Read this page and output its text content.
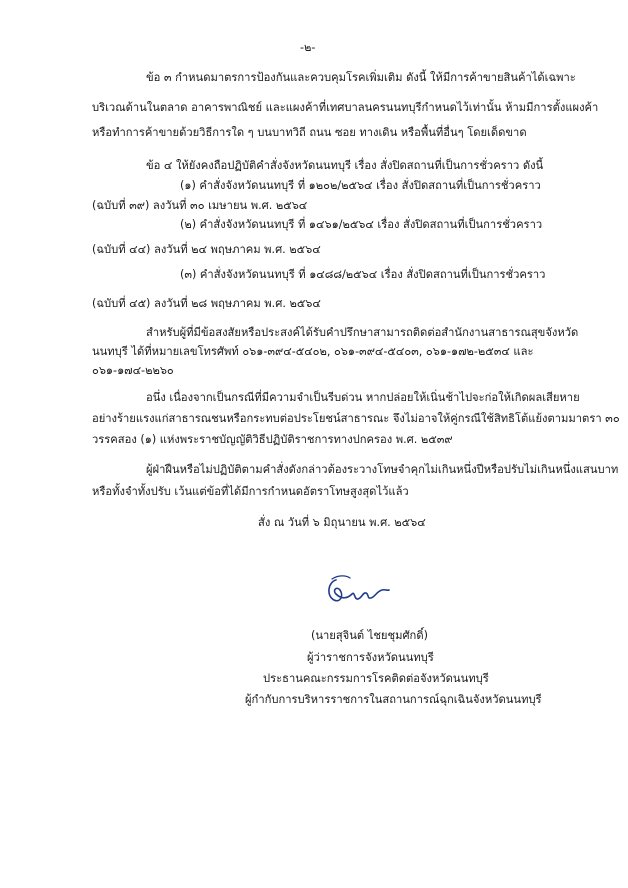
-๒-
ข้อ ๓ กำหนดมาตรการป้องกันและควบคุมโรคเพิ่มเติม ดังนี้ ให้มีการค้าขายสินค้าได้เฉพาะ
บริเวณด้านในตลาด อาคารพาณิชย์ และแผงค้าที่เทศบาลนครนนทบุรีกำหนดไว้เท่านั้น ห้ามมีการตั้งแผงค้า
หรือทำการค้าขายด้วยวิธีการใด ๆ บนบาทวิถี ถนน ซอย ทางเดิน หรือพื้นที่อื่นๆ โดยเด็ดขาด
ข้อ ๔ ให้ยังคงถือปฏิบัติคำสั่งจังหวัดนนทบุรี เรื่อง สั่งปิดสถานที่เป็นการชั่วคราว ดังนี้
(๑) คำสั่งจังหวัดนนทบุรี ที่ ๑๒๐๒/๒๕๖๔ เรื่อง สั่งปิดสถานที่เป็นการชั่วคราว
(ฉบับที่ ๓๙) ลงวันที่ ๓๐ เมษายน พ.ศ. ๒๕๖๔
(๒) คำสั่งจังหวัดนนทบุรี ที่ ๑๔๖๑/๒๕๖๔ เรื่อง สั่งปิดสถานที่เป็นการชั่วคราว
(ฉบับที่ ๔๔) ลงวันที่ ๒๔ พฤษภาคม พ.ศ. ๒๕๖๔
(๓) คำสั่งจังหวัดนนทบุรี ที่ ๑๔๘๘/๒๕๖๔ เรื่อง สั่งปิดสถานที่เป็นการชั่วคราว
(ฉบับที่ ๔๕) ลงวันที่ ๒๘ พฤษภาคม พ.ศ. ๒๕๖๔
สำหรับผู้ที่มีข้อสงสัยหรือประสงค์ได้รับคำปรึกษาสามารถติดต่อสำนักงานสาธารณสุขจังหวัด
นนทบุรี ได้ที่หมายเลขโทรศัพท์ ๐๖๑-๓๙๔-๕๔๐๒, ๐๖๑-๓๙๔-๕๔๐๓, ๐๖๑-๑๗๒-๒๕๓๔ และ
๐๖๑-๑๗๔-๒๒๖๐
อนึ่ง เนื่องจากเป็นกรณีที่มีความจำเป็นรีบด่วน หากปล่อยให้เนิ่นช้าไปจะก่อให้เกิดผลเสียหาย
อย่างร้ายแรงแก่สาธารณชนหรือกระทบต่อประโยชน์สาธารณะ จึงไม่อาจให้คู่กรณีใช้สิทธิโต้แย้งตามมาตรา ๓๐
วรรคสอง (๑) แห่งพระราชบัญญัติวิธีปฏิบัติราชการทางปกครอง พ.ศ. ๒๕๓๙
ผู้ฝ่าฝืนหรือไม่ปฏิบัติตามคำสั่งดังกล่าวต้องระวางโทษจำคุกไม่เกินหนึ่งปีหรือปรับไม่เกินหนึ่งแสนบาท
หรือทั้งจำทั้งปรับ เว้นแต่ข้อที่ได้มีการกำหนดอัตราโทษสูงสุดไว้แล้ว
สั่ง ณ วันที่ ๖ มิถุนายน พ.ศ. ๒๕๖๔
(นายสุจินต์ ไชยชุมศักดิ์)
ผู้ว่าราชการจังหวัดนนทบุรี
ประธานคณะกรรมการโรคติดต่อจังหวัดนนทบุรี
ผู้กำกับการบริหารราชการในสถานการณ์ฉุกเฉินจังหวัดนนทบุรี
